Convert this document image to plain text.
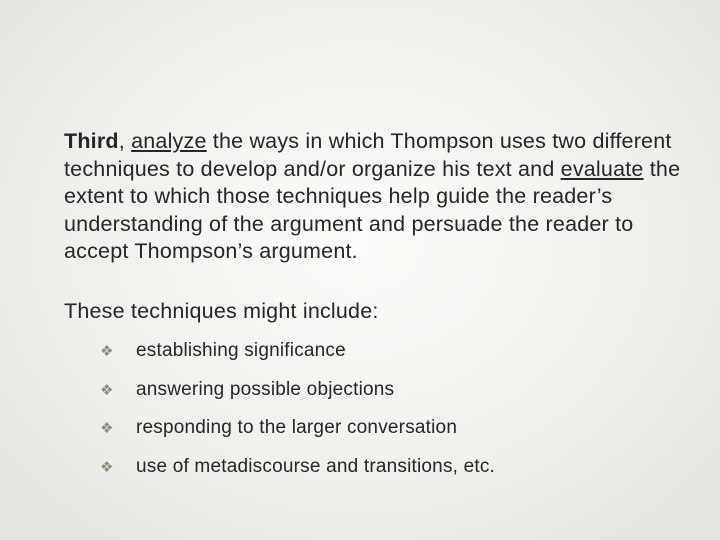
Third, analyze the ways in which Thompson uses two different techniques to develop and/or organize his text and evaluate the extent to which those techniques help guide the reader’s understanding of the argument and persuade the reader to accept Thompson’s argument.

These techniques might include:

❖	establishing significance
❖	answering possible objections
❖	responding to the larger conversation
❖	use of metadiscourse and transitions, etc.
